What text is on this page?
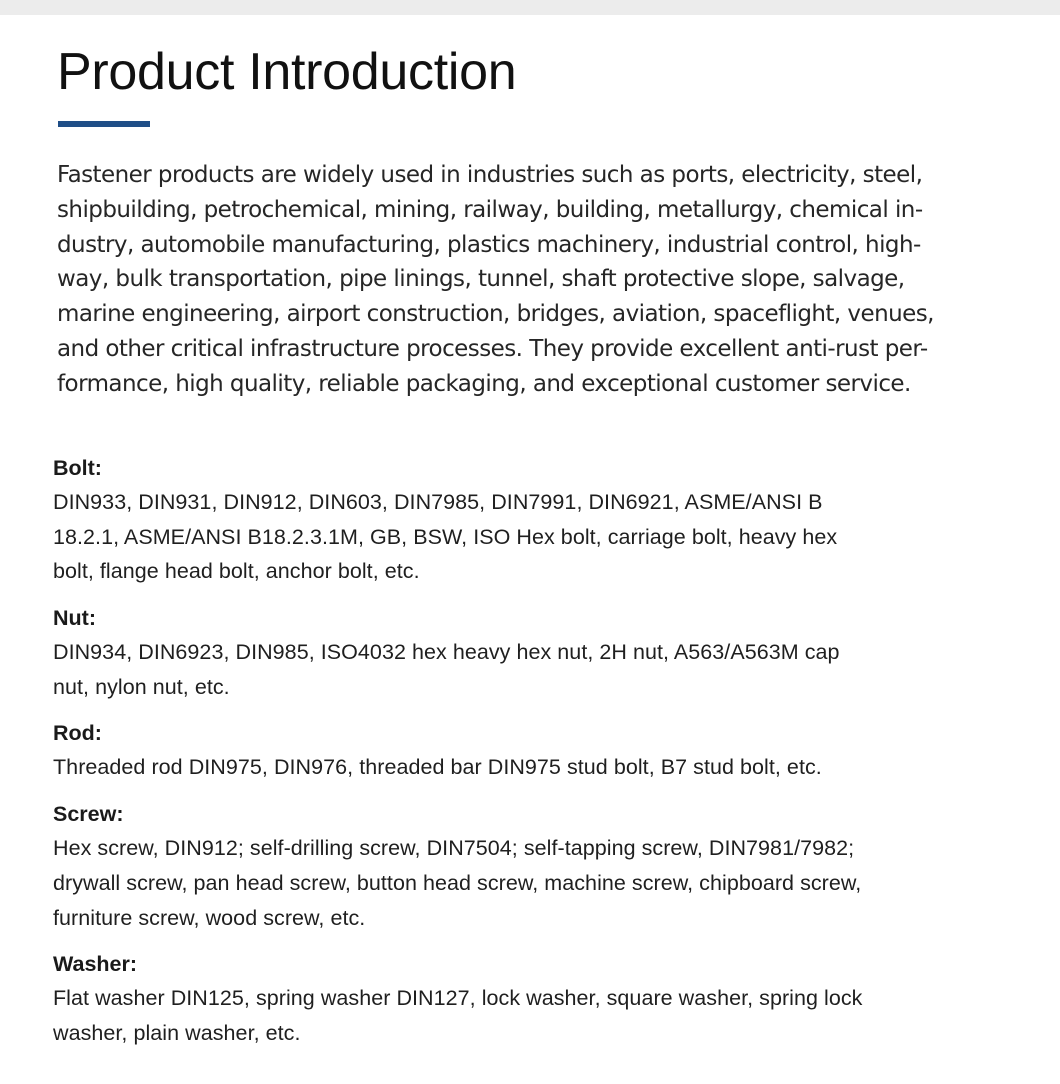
Product Introduction

Fastener products are widely used in industries such as ports, electricity, steel,
shipbuilding, petrochemical, mining, railway, building, metallurgy, chemical in-
dustry, automobile manufacturing, plastics machinery, industrial control, high-
way, bulk transportation, pipe linings, tunnel, shaft protective slope, salvage,
marine engineering, airport construction, bridges, aviation, spaceflight, venues,
and other critical infrastructure processes. They provide excellent anti-rust per-
formance, high quality, reliable packaging, and exceptional customer service.

Bolt:
DIN933, DIN931, DIN912, DIN603, DIN7985, DIN7991, DIN6921, ASME/ANSI B
18.2.1, ASME/ANSI B18.2.3.1M, GB, BSW, ISO Hex bolt, carriage bolt, heavy hex
bolt, flange head bolt, anchor bolt, etc.
Nut:
DIN934, DIN6923, DIN985, ISO4032 hex heavy hex nut, 2H nut, A563/A563M cap
nut, nylon nut, etc.
Rod:
Threaded rod DIN975, DIN976, threaded bar DIN975 stud bolt, B7 stud bolt, etc.
Screw:
Hex screw, DIN912; self-drilling screw, DIN7504; self-tapping screw, DIN7981/7982;
drywall screw, pan head screw, button head screw, machine screw, chipboard screw,
furniture screw, wood screw, etc.
Washer:
Flat washer DIN125, spring washer DIN127, lock washer, square washer, spring lock
washer, plain washer, etc.
